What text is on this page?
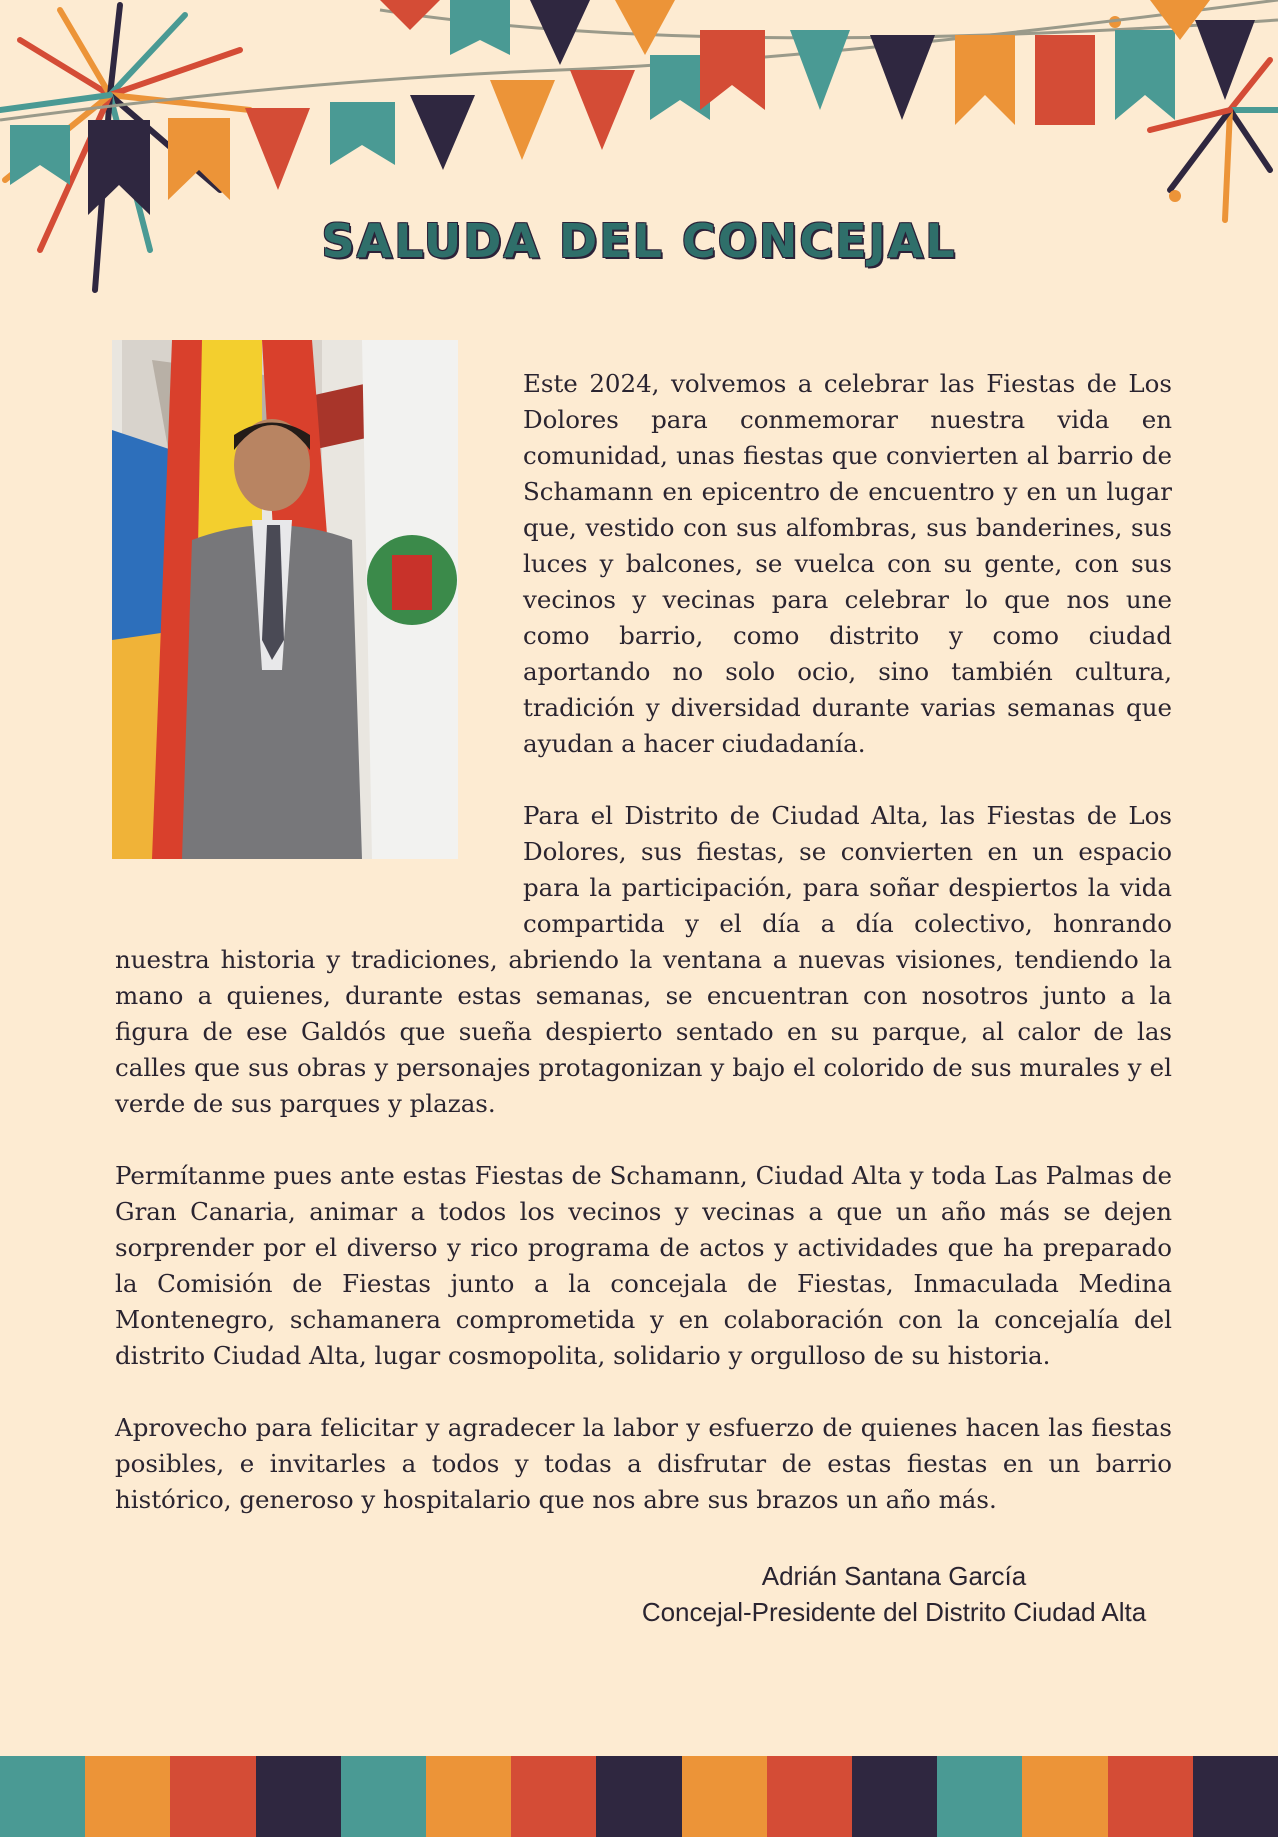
SALUDA DEL CONCEJAL

Este 2024, volvemos a celebrar las Fiestas de Los Dolores para conmemorar nuestra vida en comunidad, unas fiestas que convierten al barrio de Schamann en epicentro de encuentro y en un lugar que, vestido con sus alfombras, sus banderines, sus luces y balcones, se vuelca con su gente, con sus vecinos y vecinas para celebrar lo que nos une como barrio, como distrito y como ciudad aportando no solo ocio, sino también cultura, tradición y diversidad durante varias semanas que ayudan a hacer ciudadanía.

Para el Distrito de Ciudad Alta, las Fiestas de Los Dolores, sus fiestas, se convierten en un espacio para la participación, para soñar despiertos la vida compartida y el día a día colectivo, honrando nuestra historia y tradiciones, abriendo la ventana a nuevas visiones, tendiendo la mano a quienes, durante estas semanas, se encuentran con nosotros junto a la figura de ese Galdós que sueña despierto sentado en su parque, al calor de las calles que sus obras y personajes protagonizan y bajo el colorido de sus murales y el verde de sus parques y plazas.

Permítanme pues ante estas Fiestas de Schamann, Ciudad Alta y toda Las Palmas de Gran Canaria, animar a todos los vecinos y vecinas a que un año más se dejen sorprender por el diverso y rico programa de actos y actividades que ha preparado la Comisión de Fiestas junto a la concejala de Fiestas, Inmaculada Medina Montenegro, schamanera comprometida y en colaboración con la concejalía del distrito Ciudad Alta, lugar cosmopolita, solidario y orgulloso de su historia.

Aprovecho para felicitar y agradecer la labor y esfuerzo de quienes hacen las fiestas posibles, e invitarles a todos y todas a disfrutar de estas fiestas en un barrio histórico, generoso y hospitalario que nos abre sus brazos un año más.

Adrián Santana García
Concejal-Presidente del Distrito Ciudad Alta
